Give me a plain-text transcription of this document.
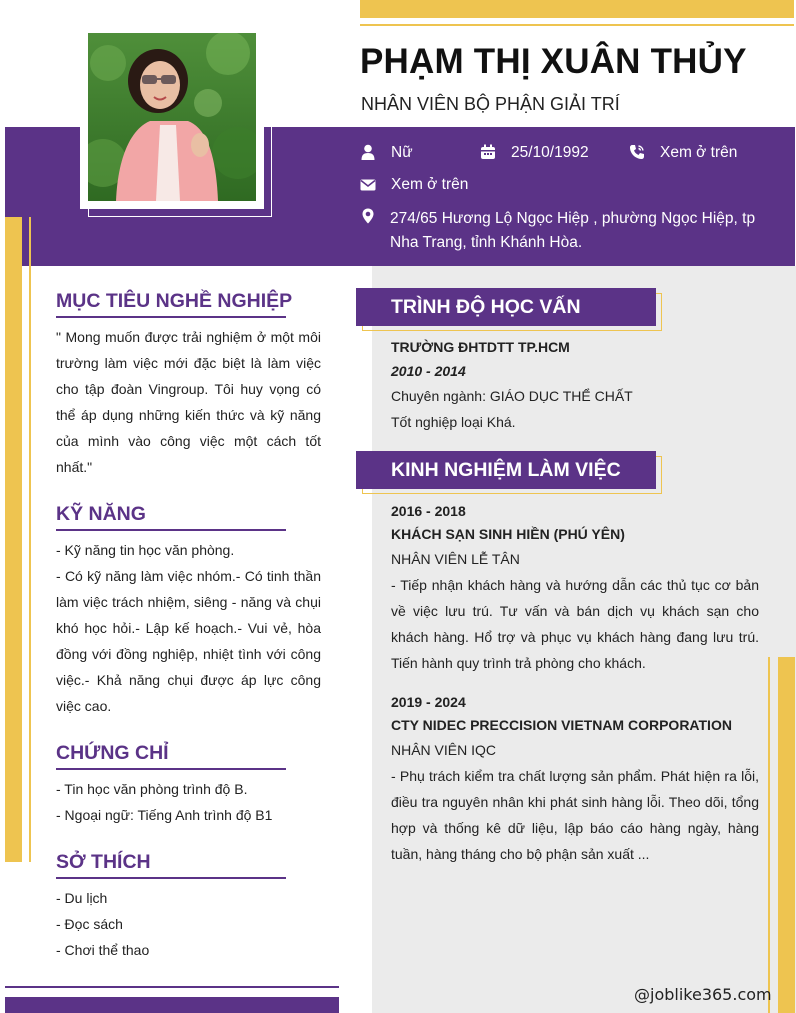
PHẠM THỊ XUÂN THỦY
NHÂN VIÊN BỘ PHẬN GIẢI TRÍ
Nữ	25/10/1992	Xem ở trên
Xem ở trên
274/65 Hương Lộ Ngọc Hiệp , phường Ngọc Hiệp, tp Nha Trang, tỉnh Khánh Hòa.
MỤC TIÊU NGHỀ NGHIỆP
" Mong muốn được trải nghiệm ở một môi trường làm việc mới đặc biệt là làm việc cho tập đoàn Vingroup. Tôi huy vọng có thể áp dụng những kiến thức và kỹ năng của mình vào công việc một cách tốt nhất."
KỸ NĂNG
- Kỹ năng tin học văn phòng.
- Có kỹ năng làm việc nhóm.- Có tinh thần làm việc trách nhiệm, siêng - năng và chụi khó học hỏi.- Lập kế hoạch.- Vui vẻ, hòa đồng với đồng nghiệp, nhiệt tình với công việc.- Khả năng chụi được áp lực công việc cao.
CHỨNG CHỈ
- Tin học văn phòng trình độ B.
- Ngoại ngữ: Tiếng Anh trình độ B1
SỞ THÍCH
- Du lịch
- Đọc sách
- Chơi thể thao
TRÌNH ĐỘ HỌC VẤN
TRƯỜNG ĐHTDTT TP.HCM
2010 - 2014
Chuyên ngành: GIÁO DỤC THỂ CHẤT
Tốt nghiệp loại Khá.
KINH NGHIỆM LÀM VIỆC
2016 - 2018
KHÁCH SẠN SINH HIỀN (PHÚ YÊN)
NHÂN VIÊN LỄ TÂN
- Tiếp nhận khách hàng và hướng dẫn các thủ tục cơ bản về việc lưu trú. Tư vấn và bán dịch vụ khách sạn cho khách hàng. Hổ trợ và phục vụ khách hàng đang lưu trú. Tiến hành quy trình trả phòng cho khách.
2019 - 2024
CTY NIDEC PRECCISION VIETNAM CORPORATION
NHÂN VIÊN IQC
- Phụ trách kiểm tra chất lượng sản phẩm. Phát hiện ra lỗi, điều tra nguyên nhân khi phát sinh hàng lỗi. Theo dõi, tổng hợp và thống kê dữ liệu, lập báo cáo hàng ngày, hàng tuần, hàng tháng cho bộ phận sản xuất ...
@joblike365.com
